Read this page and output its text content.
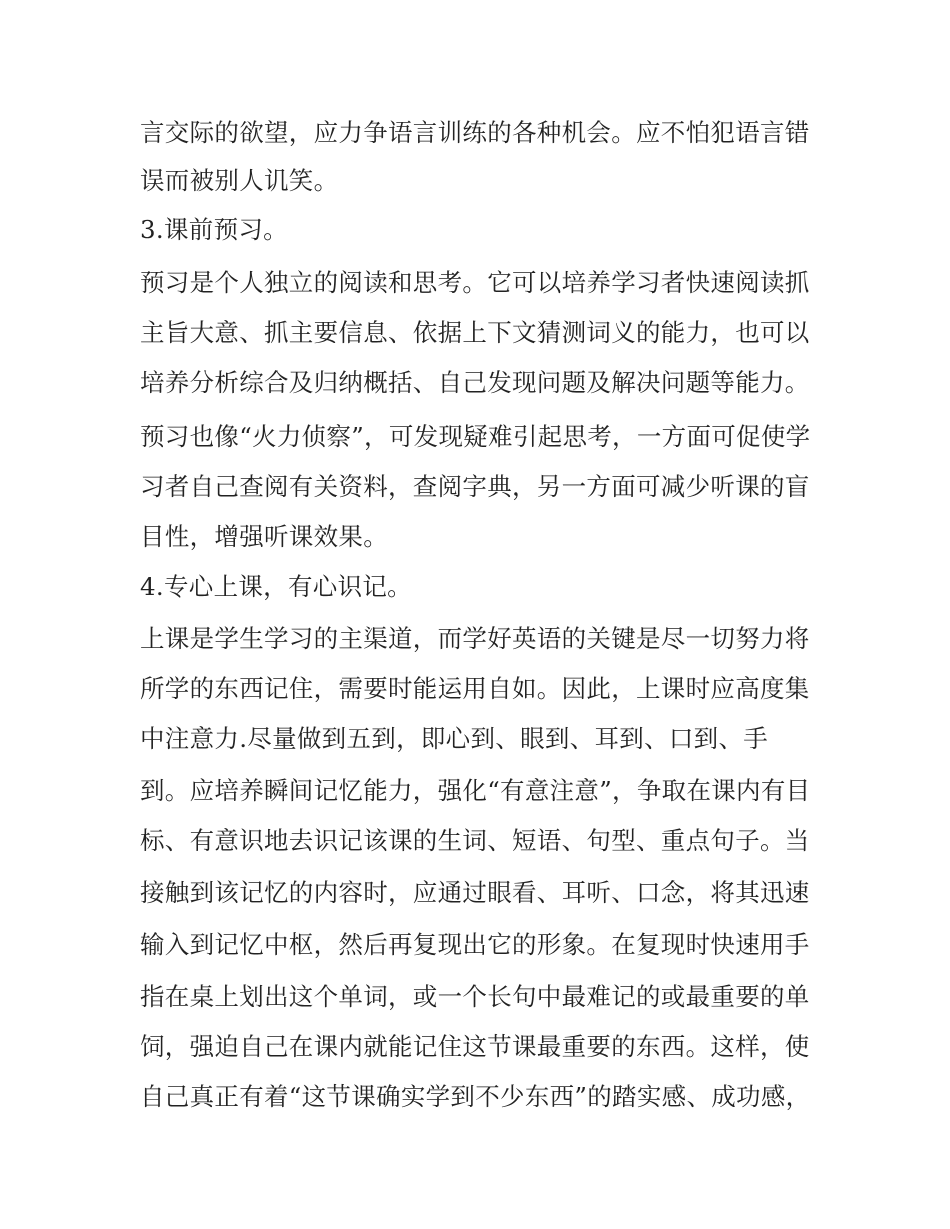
言交际的欲望，应力争语言训练的各种机会。应不怕犯语言错
误而被别人讥笑。
3.课前预习。
预习是个人独立的阅读和思考。它可以培养学习者快速阅读抓
主旨大意、抓主要信息、依据上下文猜测词义的能力，也可以
培养分析综合及归纳概括、自己发现问题及解决问题等能力。
预习也像“火力侦察”，可发现疑难引起思考，一方面可促使学
习者自己查阅有关资料，查阅字典，另一方面可减少听课的盲
目性，增强听课效果。
4.专心上课，有心识记。
上课是学生学习的主渠道，而学好英语的关键是尽一切努力将
所学的东西记住，需要时能运用自如。因此，上课时应高度集
中注意力.尽量做到五到，即心到、眼到、耳到、口到、手
到。应培养瞬间记忆能力，强化“有意注意”，争取在课内有目
标、有意识地去识记该课的生词、短语、句型、重点句子。当
接触到该记忆的内容时，应通过眼看、耳听、口念，将其迅速
输入到记忆中枢，然后再复现出它的形象。在复现时快速用手
指在桌上划出这个单词，或一个长句中最难记的或最重要的单
饲，强迫自己在课内就能记住这节课最重要的东西。这样，使
自己真正有着“这节课确实学到不少东西”的踏实感、成功感，
